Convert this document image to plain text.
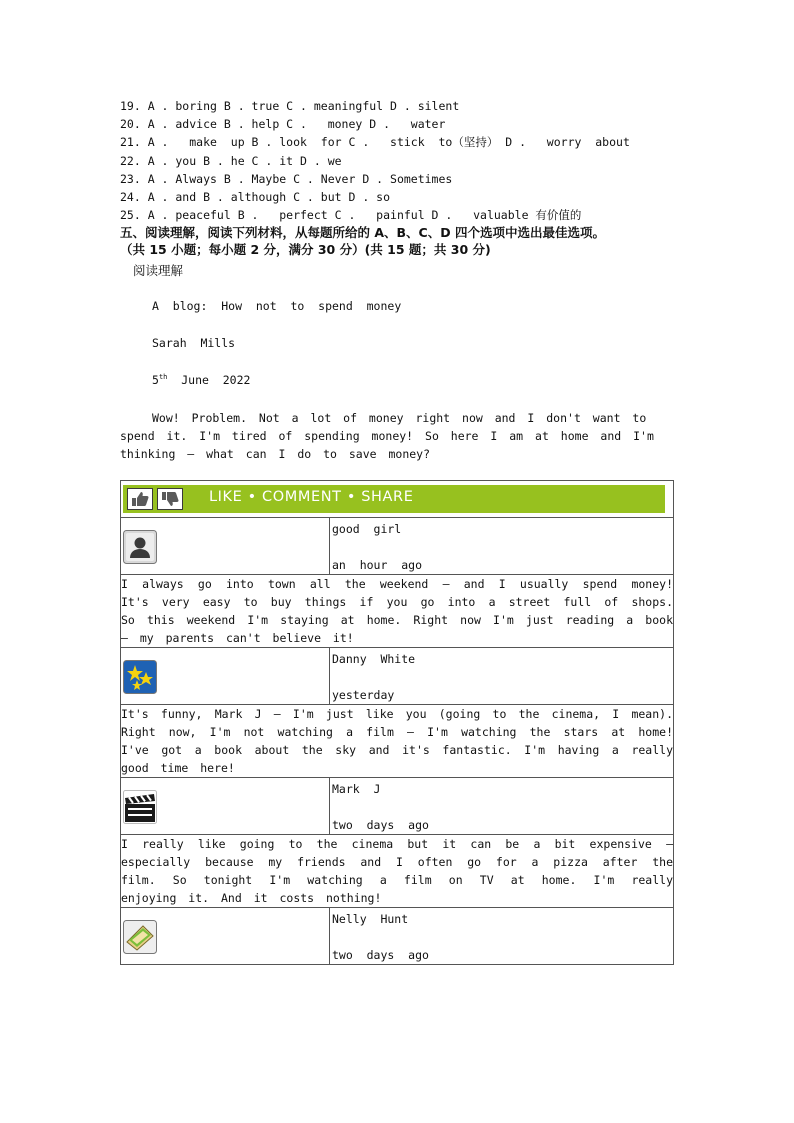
19. A . boring B . true C . meaningful D . silent
20. A . advice B . help C .   money D .   water
21. A .   make  up B . look  for C .   stick  to（坚持） D .   worry  about
22. A . you B . he C . it D . we
23. A . Always B . Maybe C . Never D . Sometimes
24. A . and B . although C . but D . so
25. A . peaceful B .   perfect C .   painful D .   valuable 有价值的
五、阅读理解，阅读下列材料，从每题所给的 A、B、C、D 四个选项中选出最佳选项。
（共 15 小题；每小题 2 分，满分 30 分）(共 15 题；共 30 分)
阅读理解
A  blog:  How  not  to  spend  money
Sarah  Mills
5th  June  2022

Wow! Problem. Not a lot of money right now and I don't want to spend it. I'm tired of spending money! So here I am at home and I'm thinking – what can I do to save money?

LIKE • COMMENT • SHARE	

good  girl
an  hour  ago

I always go into town all the weekend – and I usually spend money! It's very easy to buy things if you go into a street full of shops. So this weekend I'm staying at home. Right now I'm just reading a book – my parents can't believe it!	

Danny  White
yesterday

It's funny, Mark J – I'm just like you (going to the cinema, I mean). Right now, I'm not watching a film – I'm watching the stars at home! I've got a book about the sky and it's fantastic. I'm having a really good time here!	

Mark  J
two  days  ago

I really like going to the cinema but it can be a bit expensive – especially because my friends and I often go for a pizza after the film. So tonight I'm watching a film on TV at home. I'm really enjoying it. And it costs nothing!	

Nelly  Hunt
two  days  ago
